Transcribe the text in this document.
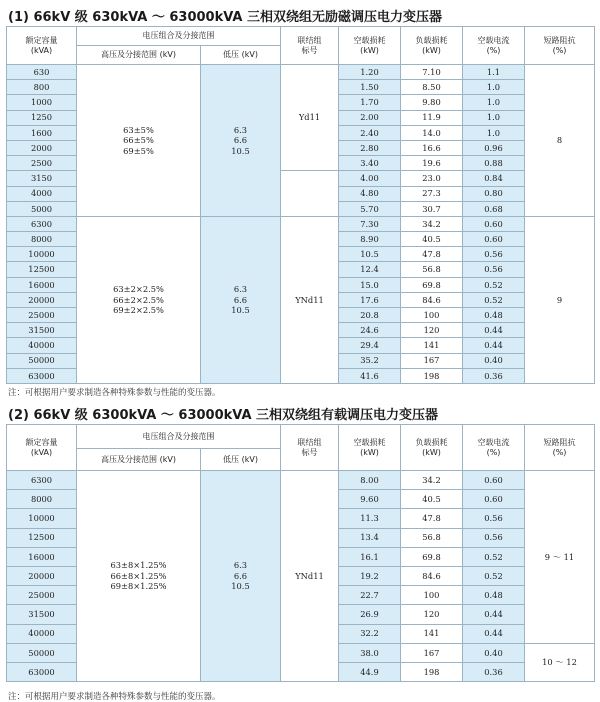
(1) 66kV 级 630kVA ～ 63000kVA 三相双绕组无励磁调压电力变压器
额定容量
(kVA)	电压组合及分接范围		联结组
标号	空载损耗
(kW)	负载损耗
(kW)	空载电流
(%)	短路阻抗
(%)

	高压及分接范围 (kV)	低压 (kV)					
630	63±5%
66±5%
69±5%	6.3
6.6
10.5	Yd11	1.20	7.10	1.1	8
800				1.50	8.50	1.0	
1000				1.70	9.80	1.0	
1250				2.00	11.9	1.0	
1600				2.40	14.0	1.0	
2000				2.80	16.6	0.96	
2500				3.40	19.6	0.88	
3150				4.00	23.0	0.84	
4000				4.80	27.3	0.80	
5000				5.70	30.7	0.68	
6300	63±2×2.5%
66±2×2.5%
69±2×2.5%	6.3
6.6
10.5	YNd11	7.30	34.2	0.60	9
8000				8.90	40.5	0.60	
10000				10.5	47.8	0.56	
12500				12.4	56.8	0.56	
16000				15.0	69.8	0.52	
20000				17.6	84.6	0.52	
25000				20.8	100	0.48	
31500				24.6	120	0.44	
40000				29.4	141	0.44	
50000				35.2	167	0.40	
63000				41.6	198	0.36	
注：可根据用户要求制造各种特殊参数与性能的变压器。
(2) 66kV 级 6300kVA ～ 63000kVA 三相双绕组有载调压电力变压器
额定容量
(kVA)	电压组合及分接范围		联结组
标号	空载损耗
(kW)	负载损耗
(kW)	空载电流
(%)	短路阻抗
(%)

	高压及分接范围 (kV)	低压 (kV)					
6300	63±8×1.25%
66±8×1.25%
69±8×1.25%	6.3
6.6
10.5	YNd11	8.00	34.2	0.60	9 ～ 11
8000				9.60	40.5	0.60	
10000				11.3	47.8	0.56	
12500				13.4	56.8	0.56	
16000				16.1	69.8	0.52	
20000				19.2	84.6	0.52	
25000				22.7	100	0.48	
31500				26.9	120	0.44	
40000				32.2	141	0.44	
50000				38.0	167	0.40	10 ～ 12
63000				44.9	198	0.36	
注：可根据用户要求制造各种特殊参数与性能的变压器。
